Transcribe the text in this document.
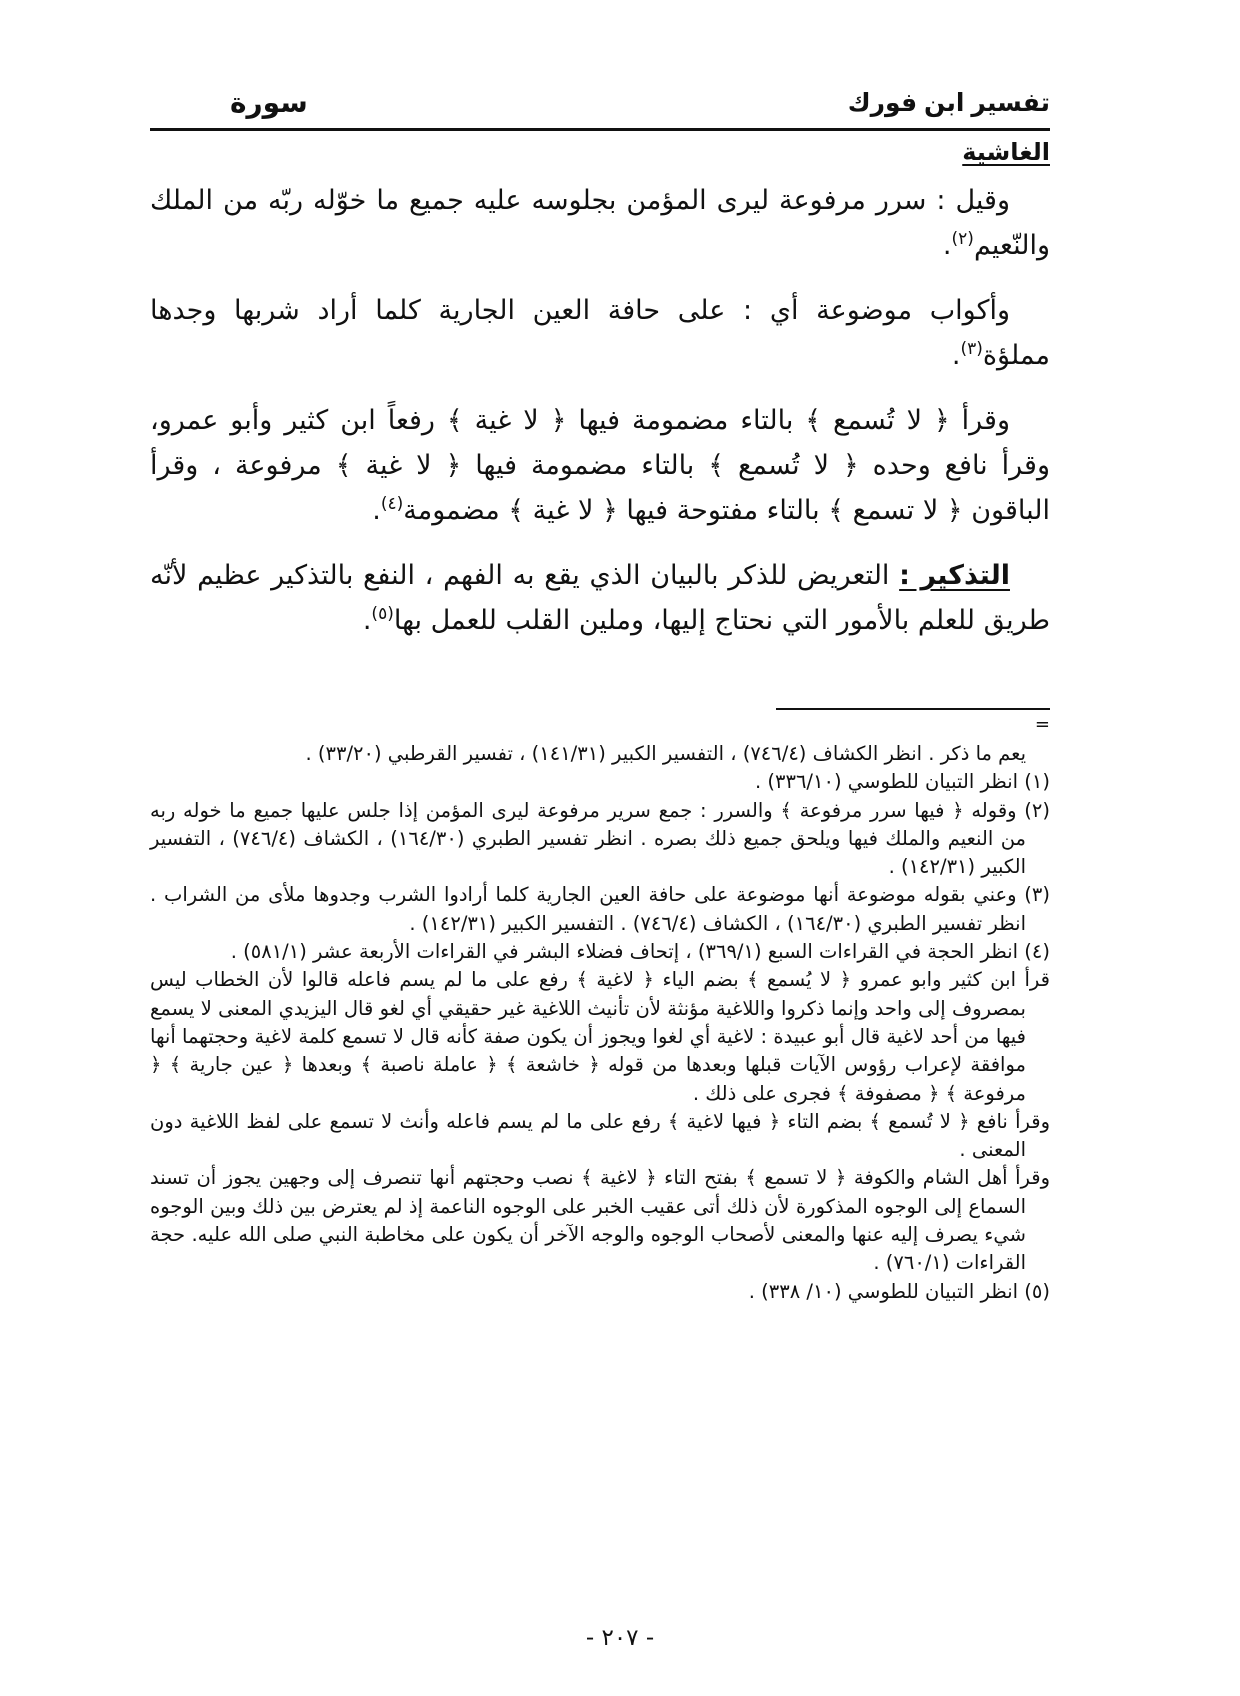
تفسير ابن فورك
سورة
الغاشية

وقيل : سرر مرفوعة ليرى المؤمن بجلوسه عليه جميع ما خوّله ربّه من الملك والنّعيم$^{(٢)}$.

وأكواب موضوعة أي : على حافة العين الجارية كلما أراد شربها وجدها مملؤة$^{(٣)}$.

وقرأ ﴿ لا تُسمع ﴾ بالتاء مضمومة فيها ﴿ لا غية ﴾ رفعاً ابن كثير وأبو عمرو، وقرأ نافع وحده ﴿ لا تُسمع ﴾ بالتاء مضمومة فيها ﴿ لا غية ﴾ مرفوعة ، وقرأ الباقون ﴿ لا تسمع ﴾ بالتاء مفتوحة فيها ﴿ لا غية ﴾ مضمومة$^{(٤)}$.

التذكير : التعريض للذكر بالبيان الذي يقع به الفهم ، النفع بالتذكير عظيم لأنّه طريق للعلم بالأمور التي نحتاج إليها، وملين القلب للعمل بها$^{(٥)}$.

=

يعم ما ذكر . انظر الكشاف (٧٤٦/٤) ، التفسير الكبير (١٤١/٣١) ، تفسير القرطبي (٣٣/٢٠) .

(١) انظر التبيان للطوسي (٣٣٦/١٠) .

(٢) وقوله ﴿ فيها سرر مرفوعة ﴾ والسرر : جمع سرير مرفوعة ليرى المؤمن إذا جلس عليها جميع ما خوله ربه من النعيم والملك فيها ويلحق جميع ذلك بصره . انظر تفسير الطبري (١٦٤/٣٠) ، الكشاف (٧٤٦/٤) ، التفسير الكبير (١٤٢/٣١) .

(٣) وعني بقوله موضوعة أنها موضوعة على حافة العين الجارية كلما أرادوا الشرب وجدوها ملأى من الشراب . انظر تفسير الطبري (١٦٤/٣٠) ، الكشاف (٧٤٦/٤) . التفسير الكبير (١٤٢/٣١) .

(٤) انظر الحجة في القراءات السبع (٣٦٩/١) ، إتحاف فضلاء البشر في القراءات الأربعة عشر (٥٨١/١) .

قرأ ابن كثير وابو عمرو ﴿ لا يُسمع ﴾ بضم الياء ﴿ لاغية ﴾ رفع على ما لم يسم فاعله قالوا لأن الخطاب ليس بمصروف إلى واحد وإنما ذكروا واللاغية مؤنثة لأن تأنيث اللاغية غير حقيقي أي لغو قال اليزيدي المعنى لا يسمع فيها من أحد لاغية قال أبو عبيدة : لاغية أي لغوا ويجوز أن يكون صفة كأنه قال لا تسمع كلمة لاغية وحجتهما أنها موافقة لإعراب رؤوس الآيات قبلها وبعدها من قوله ﴿ خاشعة ﴾ ﴿ عاملة ناصبة ﴾ وبعدها ﴿ عين جارية ﴾ ﴿ مرفوعة ﴾ ﴿ مصفوفة ﴾ فجرى على ذلك .

وقرأ نافع ﴿ لا تُسمع ﴾ بضم التاء ﴿ فيها لاغية ﴾ رفع على ما لم يسم فاعله وأنث لا تسمع على لفظ اللاغية دون المعنى .

وقرأ أهل الشام والكوفة ﴿ لا تسمع ﴾ بفتح التاء ﴿ لاغية ﴾ نصب وحجتهم أنها تنصرف إلى وجهين يجوز أن تسند السماع إلى الوجوه المذكورة لأن ذلك أتى عقيب الخبر على الوجوه الناعمة إذ لم يعترض بين ذلك وبين الوجوه شيء يصرف إليه عنها والمعنى لأصحاب الوجوه والوجه الآخر أن يكون على مخاطبة النبي صلى الله عليه. حجة القراءات (٧٦٠/١) .

(٥) انظر التبيان للطوسي (١٠/ ٣٣٨) .

- ٢٠٧ -
